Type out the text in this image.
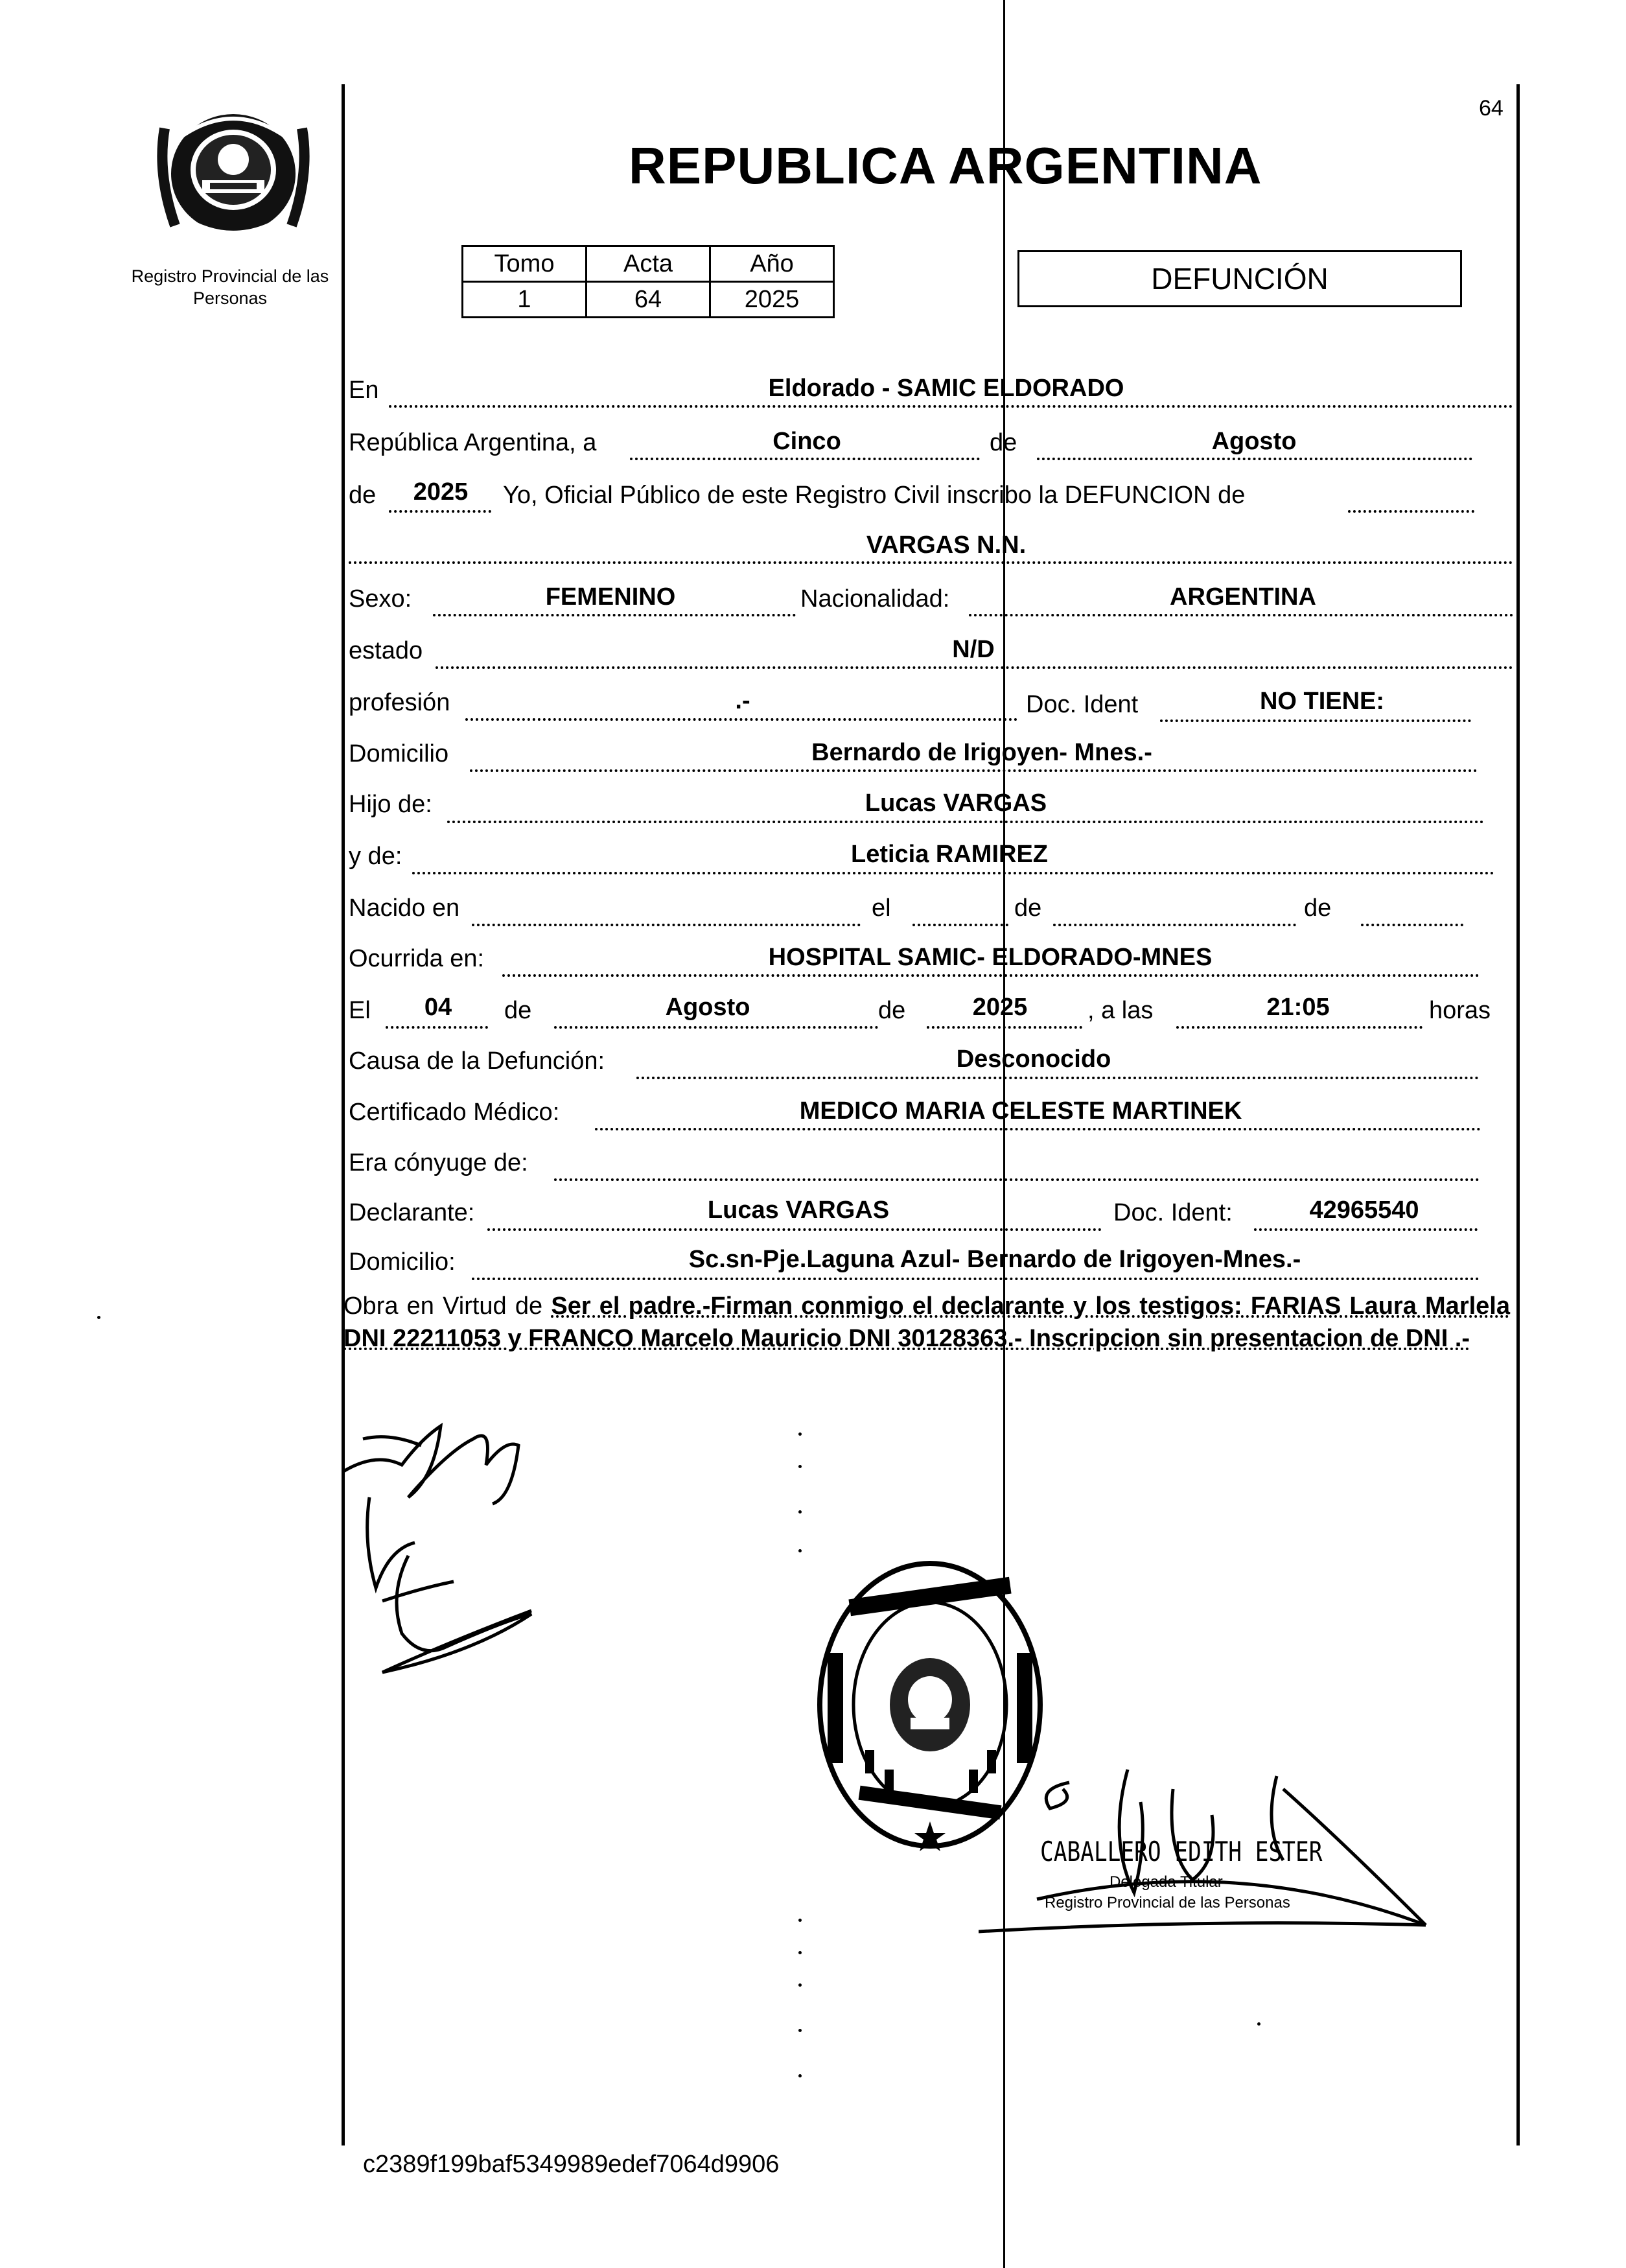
Registro Provincial de las Personas
64
REPUBLICA ARGENTINA
Tomo	Acta	Año
1	64	2025
DEFUNCIÓN
En	Eldorado - SAMIC ELDORADO
República Argentina, a	Cinco	de	Agosto
de 2025 Yo, Oficial Público de este Registro Civil inscribo la DEFUNCION de
VARGAS N.N.
Sexo:	FEMENINO	Nacionalidad:	ARGENTINA
estado	N/D
profesión	.-	Doc. Ident	NO TIENE:
Domicilio	Bernardo de Irigoyen- Mnes.-
Hijo de:	Lucas VARGAS
y de:	Leticia RAMIREZ
Nacido en	el	de	de
Ocurrida en:	HOSPITAL SAMIC- ELDORADO-MNES
El 04 de	Agosto	de	2025 , a las	21:05	horas
Causa de la Defunción:	Desconocido
Certificado Médico:	MEDICO MARIA CELESTE MARTINEK
Era cónyuge de:
Declarante:	Lucas VARGAS	Doc. Ident:	42965540
Domicilio:	Sc.sn-Pje.Laguna Azul- Bernardo de Irigoyen-Mnes.-
Obra en Virtud de Ser el padre.-Firman conmigo el declarante y los testigos: FARIAS Laura Marlela DNI 22211053 y FRANCO Marcelo Mauricio DNI 30128363.- Inscripcion sin presentacion de DNI .-
CABALLERO EDITH ESTER
Delegada Titular
Registro Provincial de las Personas
c2389f199baf5349989edef7064d9906
